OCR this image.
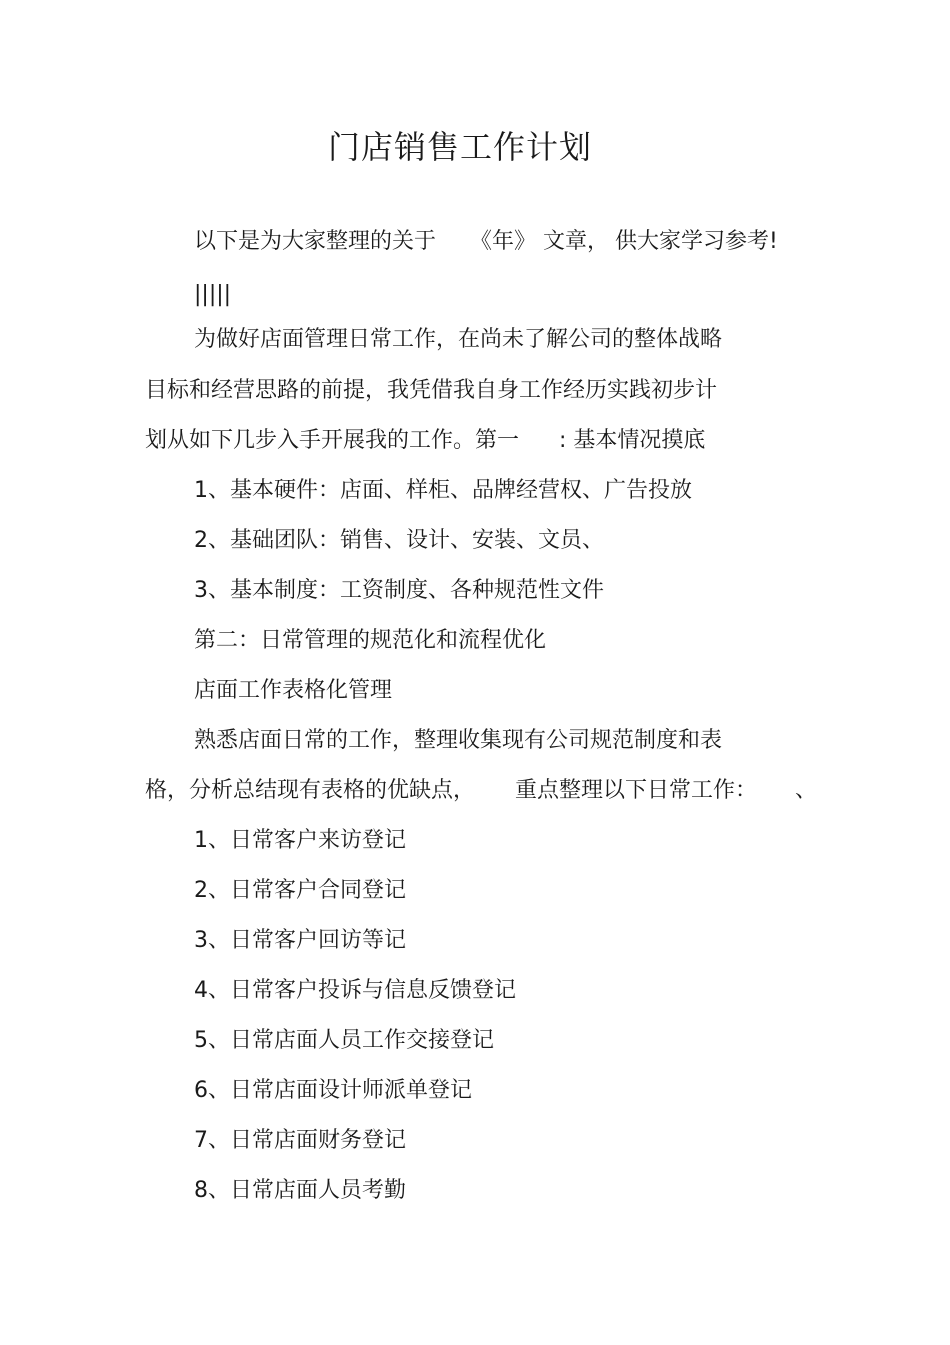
门店销售工作计划
以下是为大家整理的关于 《年》 文章， 供大家学习参考!
|||||
为做好店面管理日常工作，在尚未了解公司的整体战略
目标和经营思路的前提，我凭借我自身工作经历实践初步计
划从如下几步入手开展我的工作。第一 : 基本情况摸底
1、基本硬件：店面、样柜、品牌经营权、广告投放
2、基础团队：销售、设计、安装、文员、
3、基本制度：工资制度、各种规范性文件
第二：日常管理的规范化和流程优化
店面工作表格化管理
熟悉店面日常的工作，整理收集现有公司规范制度和表
格，分析总结现有表格的优缺点， 重点整理以下日常工作： 、
1、日常客户来访登记
2、日常客户合同登记
3、日常客户回访等记
4、日常客户投诉与信息反馈登记
5、日常店面人员工作交接登记
6、日常店面设计师派单登记
7、日常店面财务登记
8、日常店面人员考勤
